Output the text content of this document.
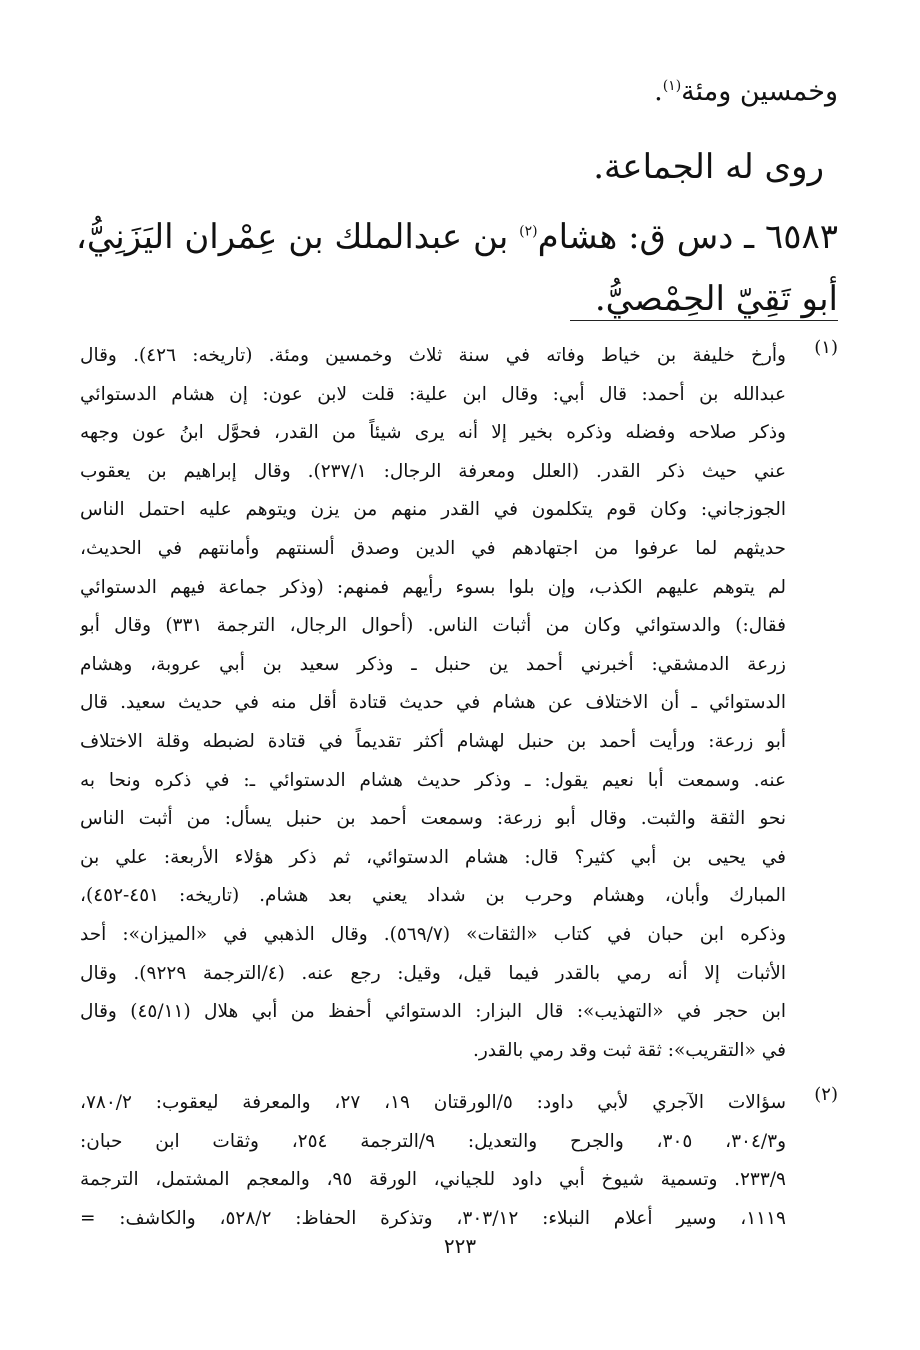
وخمسين ومئة$^{(١)}$.
روى له الجماعة.
٦٥٨٣ ـ دس ق: هشام$^{(٢)}$ بن عبدالملك بن عِمْران اليَزَنِيُّ،
أبو تَقِيّ الحِمْصيُّ.
(١)
وأرخ خليفة بن خياط وفاته في سنة ثلاث وخمسين ومئة. (تاريخه: ٤٢٦). وقال
عبدالله بن أحمد: قال أبي: وقال ابن علية: قلت لابن عون: إن هشام الدستوائي
وذكر صلاحه وفضله وذكره بخير إلا أنه يرى شيئاً من القدر، فحوَّل ابنُ عون وجهه
عني حيث ذكر القدر. (العلل ومعرفة الرجال: ٢٣٧/١). وقال إبراهيم بن يعقوب
الجوزجاني: وكان قوم يتكلمون في القدر منهم من يزن ويتوهم عليه احتمل الناس
حديثهم لما عرفوا من اجتهادهم في الدين وصدق ألسنتهم وأمانتهم في الحديث،
لم يتوهم عليهم الكذب، وإن بلوا بسوء رأيهم فمنهم: (وذكر جماعة فيهم الدستوائي
فقال:) والدستوائي وكان من أثبات الناس. (أحوال الرجال، الترجمة ٣٣١) وقال أبو
زرعة الدمشقي: أخبرني أحمد ين حنبل ـ وذكر سعيد بن أبي عروبة، وهشام
الدستوائي ـ أن الاختلاف عن هشام في حديث قتادة أقل منه في حديث سعيد. قال
أبو زرعة: ورأيت أحمد بن حنبل لهشام أكثر تقديماً في قتادة لضبطه وقلة الاختلاف
عنه. وسمعت أبا نعيم يقول: ـ وذكر حديث هشام الدستوائي ـ: في ذكره ونحا به
نحو الثقة والثبت. وقال أبو زرعة: وسمعت أحمد بن حنبل يسأل: من أثبت الناس
في يحيى بن أبي كثير؟ قال: هشام الدستوائي، ثم ذكر هؤلاء الأربعة: علي بن
المبارك وأبان، وهشام وحرب بن شداد يعني بعد هشام. (تاريخه: ٤٥١-٤٥٢)،
وذكره ابن حبان في كتاب «الثقات» (٥٦٩/٧). وقال الذهبي في «الميزان»: أحد
الأثبات إلا أنه رمي بالقدر فيما قيل، وقيل: رجع عنه. (٤/الترجمة ٩٢٢٩). وقال
ابن حجر في «التهذيب»: قال البزار: الدستوائي أحفظ من أبي هلال (٤٥/١١) وقال
في «التقريب»: ثقة ثبت وقد رمي بالقدر.
(٢)
سؤالات الآجري لأبي داود: ٥/الورقتان ١٩، ٢٧، والمعرفة ليعقوب: ٧٨٠/٢،
و٣٠٤/٣، ٣٠٥، والجرح والتعديل: ٩/الترجمة ٢٥٤، وثقات ابن حبان:
٢٣٣/٩. وتسمية شيوخ أبي داود للجياني، الورقة ٩٥، والمعجم المشتمل، الترجمة
١١١٩، وسير أعلام النبلاء: ٣٠٣/١٢، وتذكرة الحفاظ: ٥٢٨/٢، والكاشف: =
٢٢٣
